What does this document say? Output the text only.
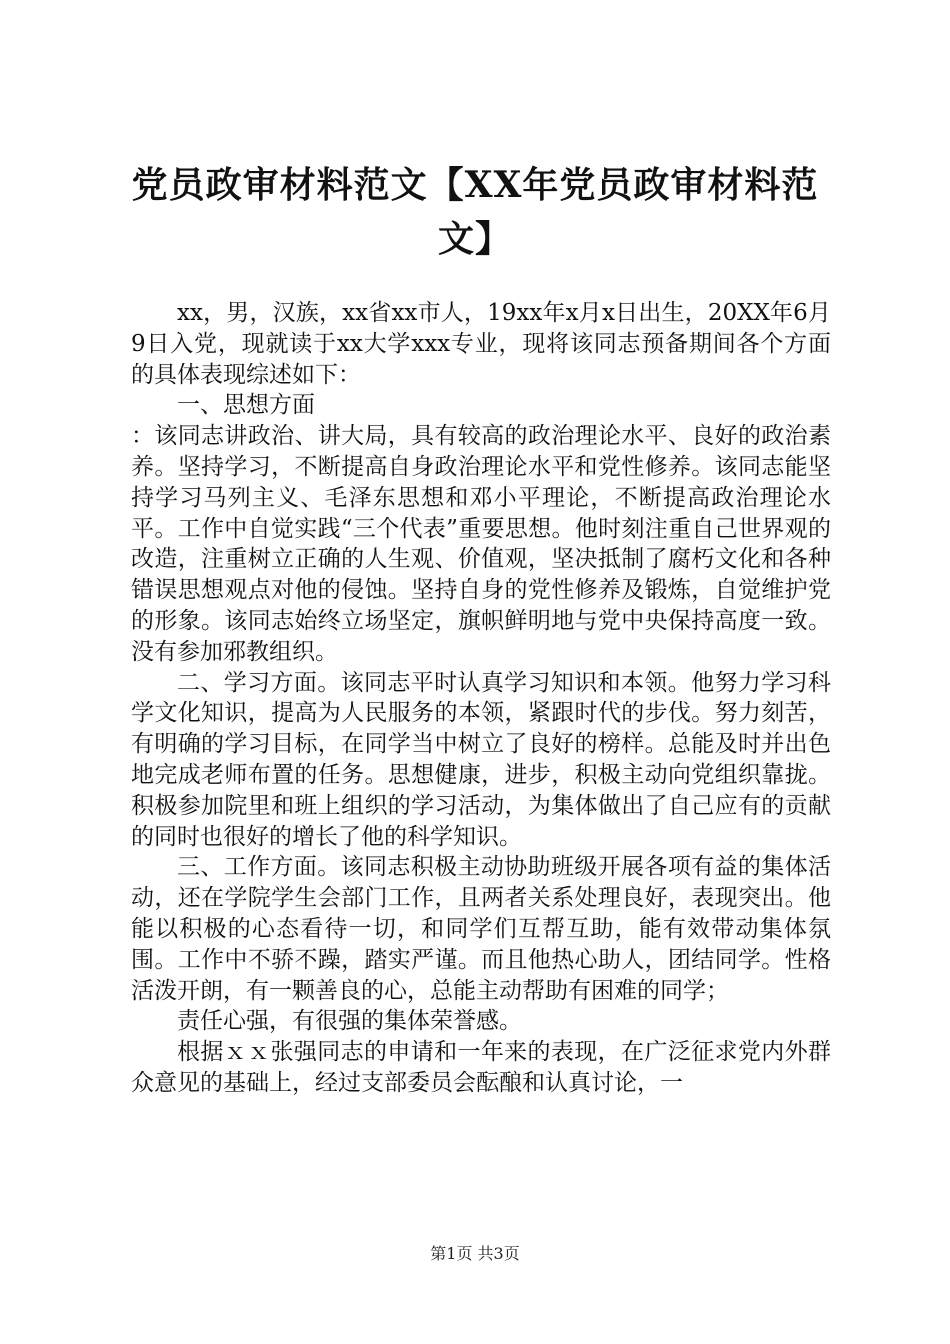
党员政审材料范文【XX年党员政审材料范文】

xx，男，汉族，xx省xx市人，19xx年x月x日出生，20XX年6月9日入党，现就读于xx大学xxx专业，现将该同志预备期间各个方面的具体表现综述如下：

一、思想方面

：该同志讲政治、讲大局，具有较高的政治理论水平、良好的政治素养。坚持学习，不断提高自身政治理论水平和党性修养。该同志能坚持学习马列主义、毛泽东思想和邓小平理论，不断提高政治理论水平。工作中自觉实践“三个代表”重要思想。他时刻注重自己世界观的改造，注重树立正确的人生观、价值观，坚决抵制了腐朽文化和各种错误思想观点对他的侵蚀。坚持自身的党性修养及锻炼，自觉维护党的形象。该同志始终立场坚定，旗帜鲜明地与党中央保持高度一致。没有参加邪教组织。

二、学习方面。该同志平时认真学习知识和本领。他努力学习科学文化知识，提高为人民服务的本领，紧跟时代的步伐。努力刻苦，有明确的学习目标，在同学当中树立了良好的榜样。总能及时并出色地完成老师布置的任务。思想健康，进步，积极主动向党组织靠拢。积极参加院里和班上组织的学习活动，为集体做出了自己应有的贡献的同时也很好的增长了他的科学知识。

三、工作方面。该同志积极主动协助班级开展各项有益的集体活动，还在学院学生会部门工作，且两者关系处理良好，表现突出。他能以积极的心态看待一切，和同学们互帮互助，能有效带动集体氛围。工作中不骄不躁，踏实严谨。而且他热心助人，团结同学。性格活泼开朗，有一颗善良的心，总能主动帮助有困难的同学；

责任心强，有很强的集体荣誉感。

根据ｘｘ张强同志的申请和一年来的表现，在广泛征求党内外群众意见的基础上，经过支部委员会酝酿和认真讨论，一

第1页 共3页
